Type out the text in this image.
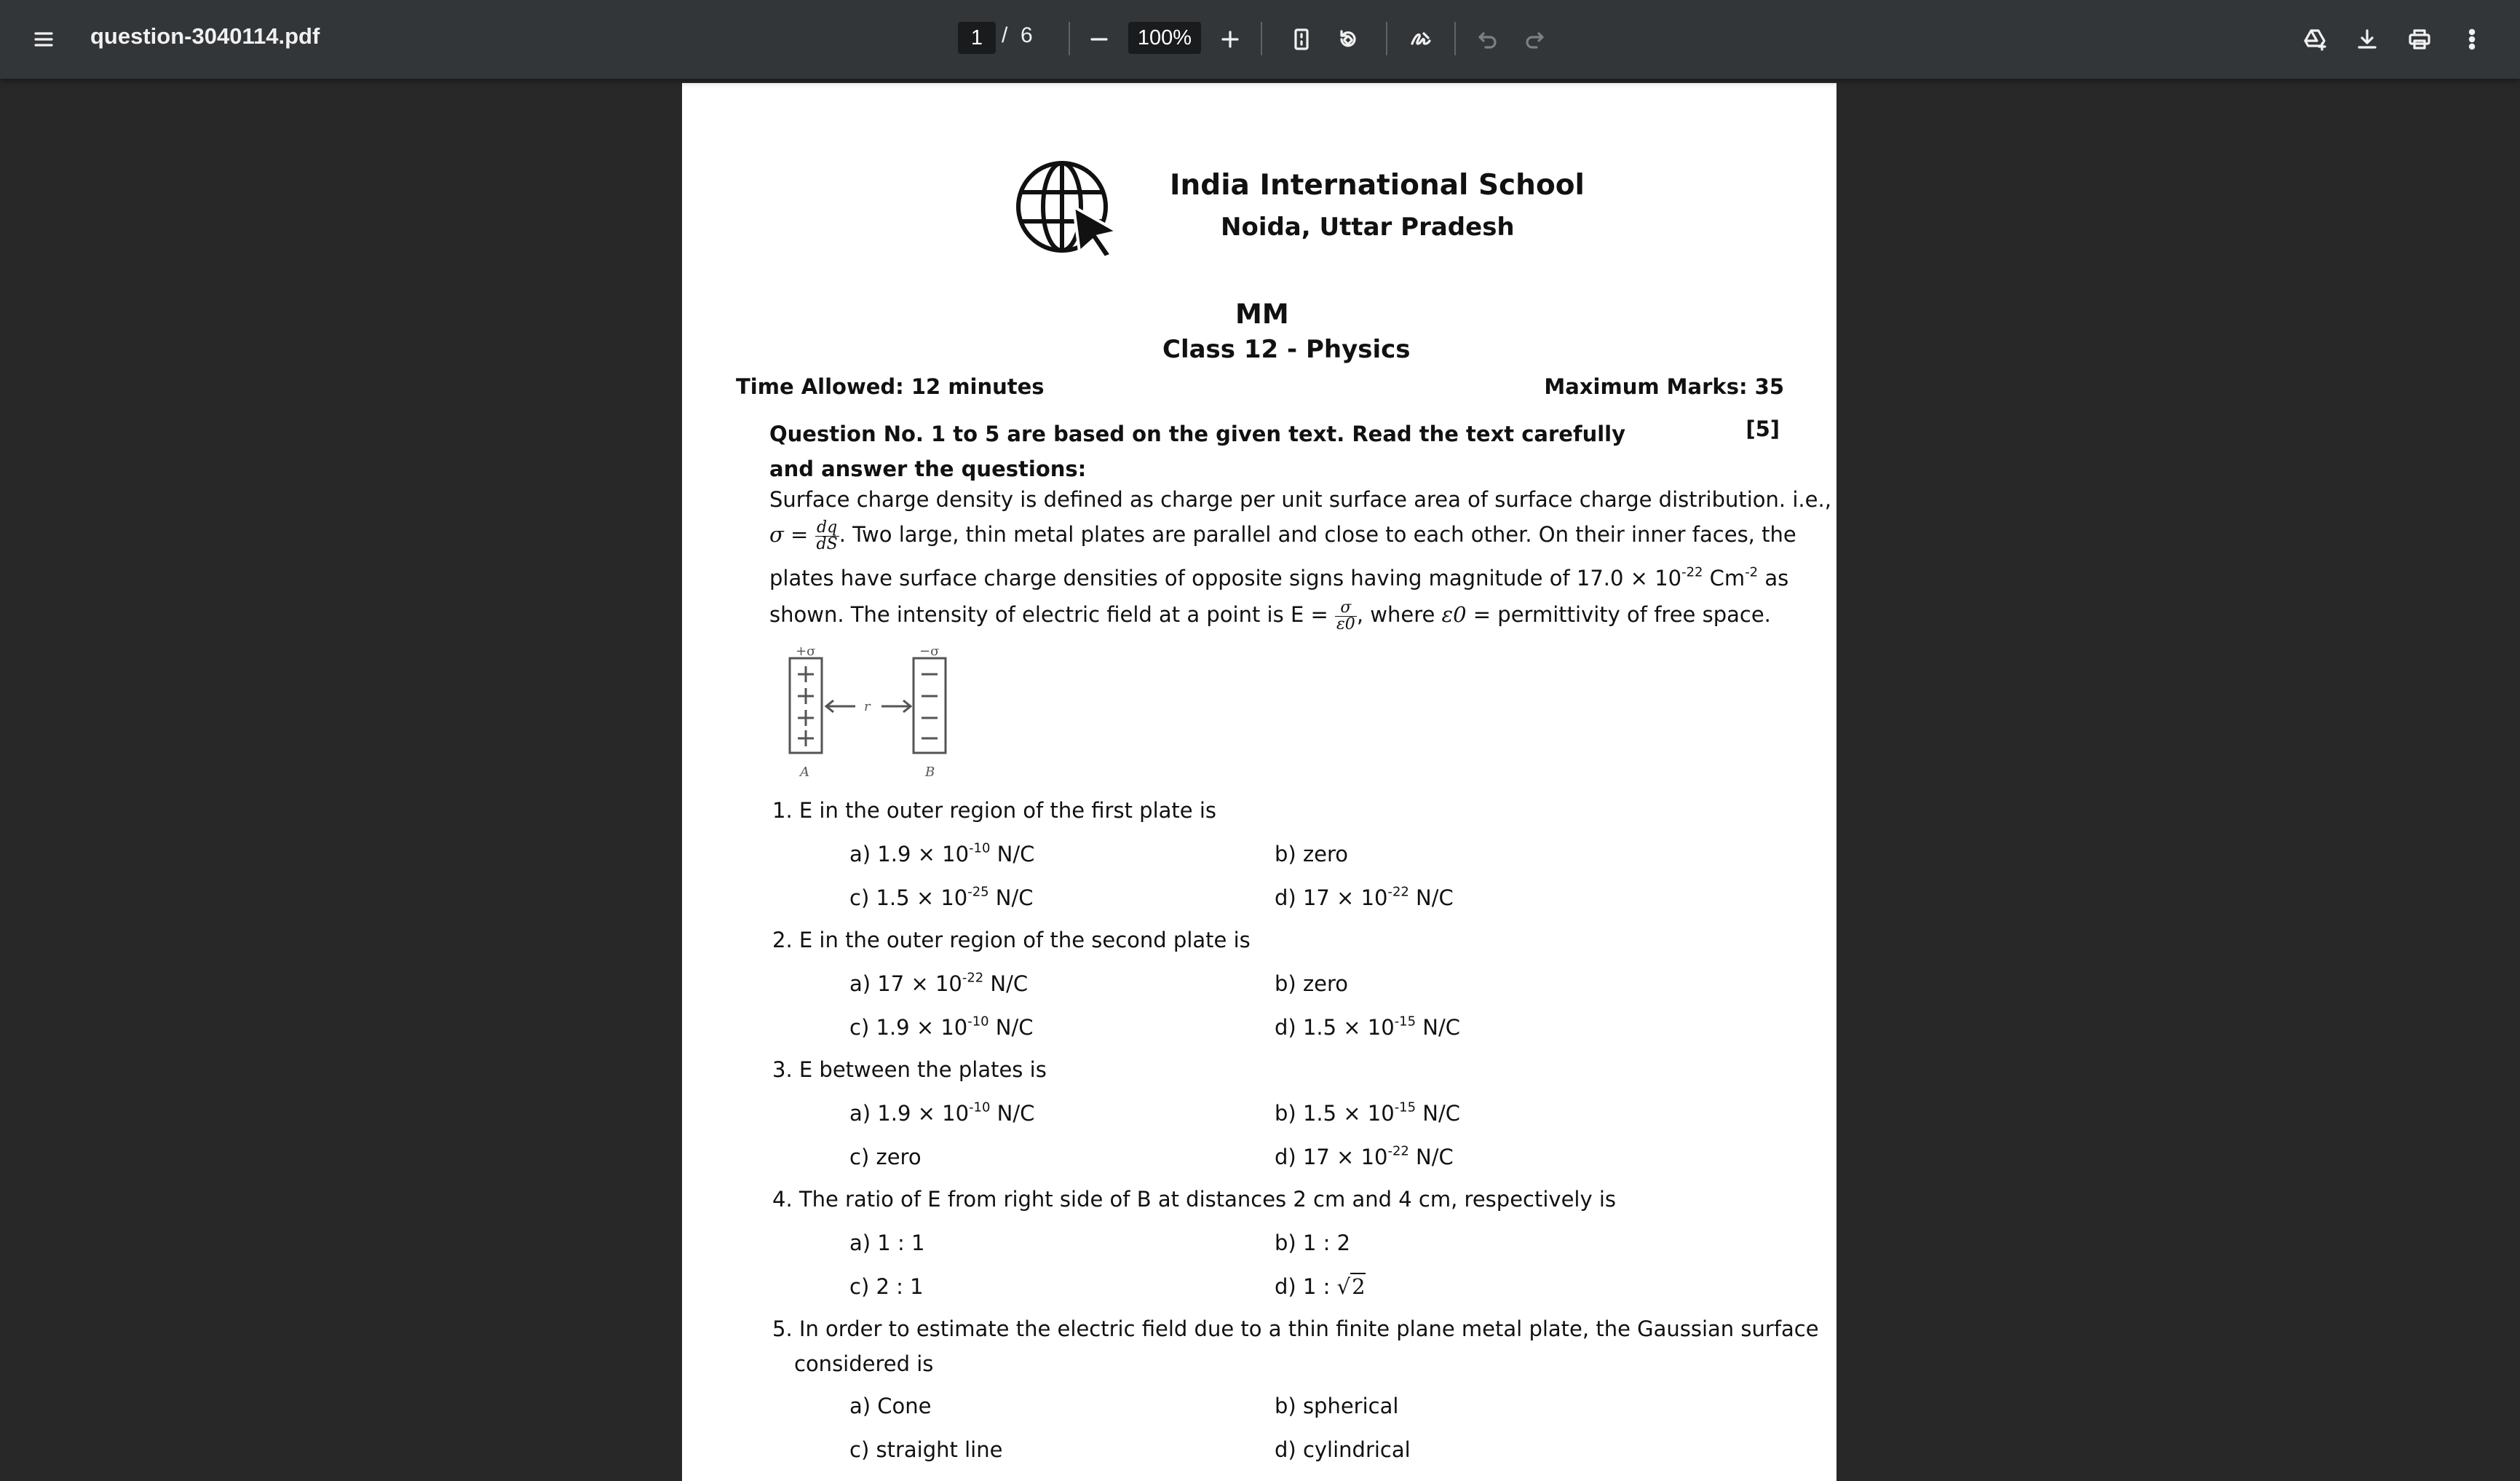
question-3040114.pdf	1 / 6	100%
India International School
Noida, Uttar Pradesh
MM
Class 12 - Physics
Time Allowed: 12 minutes	Maximum Marks: 35
Question No. 1 to 5 are based on the given text. Read the text carefully and answer the questions:
[5]
Surface charge density is defined as charge per unit surface area of surface charge distribution. i.e.,
$\sigma = \frac{dq}{dS}$ . Two large, thin metal plates are parallel and close to each other. On their inner faces, the
plates have surface charge densities of opposite signs having magnitude of $17.0 \times 10^{-22}$ $Cm^{-2}$ as
shown. The intensity of electric field at a point is $E = \frac{\sigma}{\varepsilon 0}$ , where ε0 = permittivity of free space.
+σ	−σ
r
A	B
1. E in the outer region of the first plate is
a) $1.9 \times 10^{-10}$ N/C	b) zero
c) $1.5 \times 10^{-25}$ N/C	d) $17 \times 10^{-22}$ N/C
2. E in the outer region of the second plate is
a) $17 \times 10^{-22}$ N/C	b) zero
c) $1.9 \times 10^{-10}$ N/C	d) $1.5 \times 10^{-15}$ N/C
3. E between the plates is
a) $1.9 \times 10^{-10}$ N/C	b) $1.5 \times 10^{-15}$ N/C
c) zero	d) $17 \times 10^{-22}$ N/C
4. The ratio of E from right side of B at distances 2 cm and 4 cm, respectively is
a) 1 : 1	b) 1 : 2
c) 2 : 1	d) 1 : √2
5. In order to estimate the electric field due to a thin finite plane metal plate, the Gaussian surface
considered is
a) Cone	b) spherical
c) straight line	d) cylindrical
